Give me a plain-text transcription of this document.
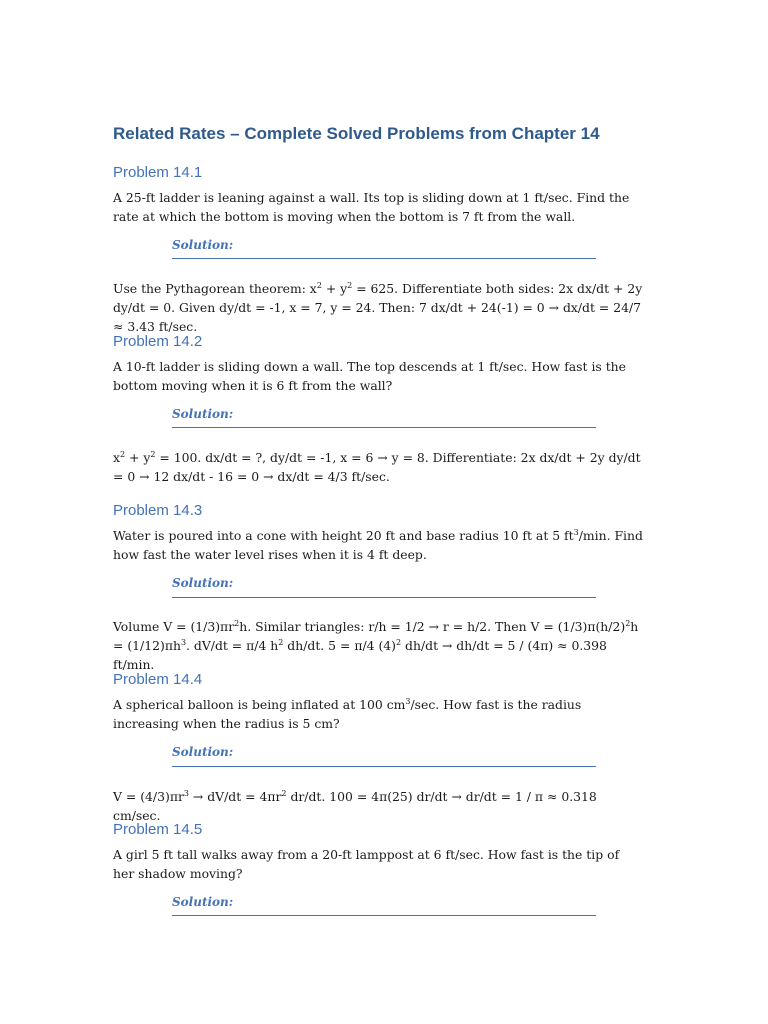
Related Rates – Complete Solved Problems from Chapter 14
Problem 14.1

A 25-ft ladder is leaning against a wall. Its top is sliding down at 1 ft/sec. Find the rate at which the bottom is moving when the bottom is 7 ft from the wall.

Solution:
Use the Pythagorean theorem: $x^2 + y^2 = 625$. Differentiate both sides: 2x dx/dt + 2y dy/dt = 0. Given dy/dt = -1, x = 7, y = 24. Then: 7 dx/dt + 24(-1) = 0 → dx/dt = 24/7 ≈ 3.43 ft/sec.
Problem 14.2

A 10-ft ladder is sliding down a wall. The top descends at 1 ft/sec. How fast is the bottom moving when it is 6 ft from the wall?

Solution:
$x^2 + y^2 = 100$. dx/dt = ?, dy/dt = -1, x = 6 → y = 8. Differentiate: 2x dx/dt + 2y dy/dt = 0 → 12 dx/dt - 16 = 0 → dx/dt = 4/3 ft/sec.
Problem 14.3

Water is poured into a cone with height 20 ft and base radius 10 ft at 5 $ft^3/\min$. Find how fast the water level rises when it is 4 ft deep.

Solution:
Volume $V = (1/3)\pi r^2h$. Similar triangles: r/h = 1/2 → r = h/2. Then $V = (1/3)\pi(h/2)^2h = (1/12)\pi h^3$. dV/dt = π/4 $h^2$ dh/dt. 5 = π/4 $(4)^2$ dh/dt → dh/dt = 5 / (4π) ≈ 0.398 ft/min.
Problem 14.4

A spherical balloon is being inflated at 100 $cm^3/\sec$. How fast is the radius increasing when the radius is 5 cm?

Solution:
$V = (4/3)\pi r^3 \to dV/dt = 4\pi r^2$ dr/dt. 100 = 4π(25) dr/dt → dr/dt = 1 / π ≈ 0.318 cm/sec.
Problem 14.5

A girl 5 ft tall walks away from a 20-ft lamppost at 6 ft/sec. How fast is the tip of her shadow moving?

Solution:
